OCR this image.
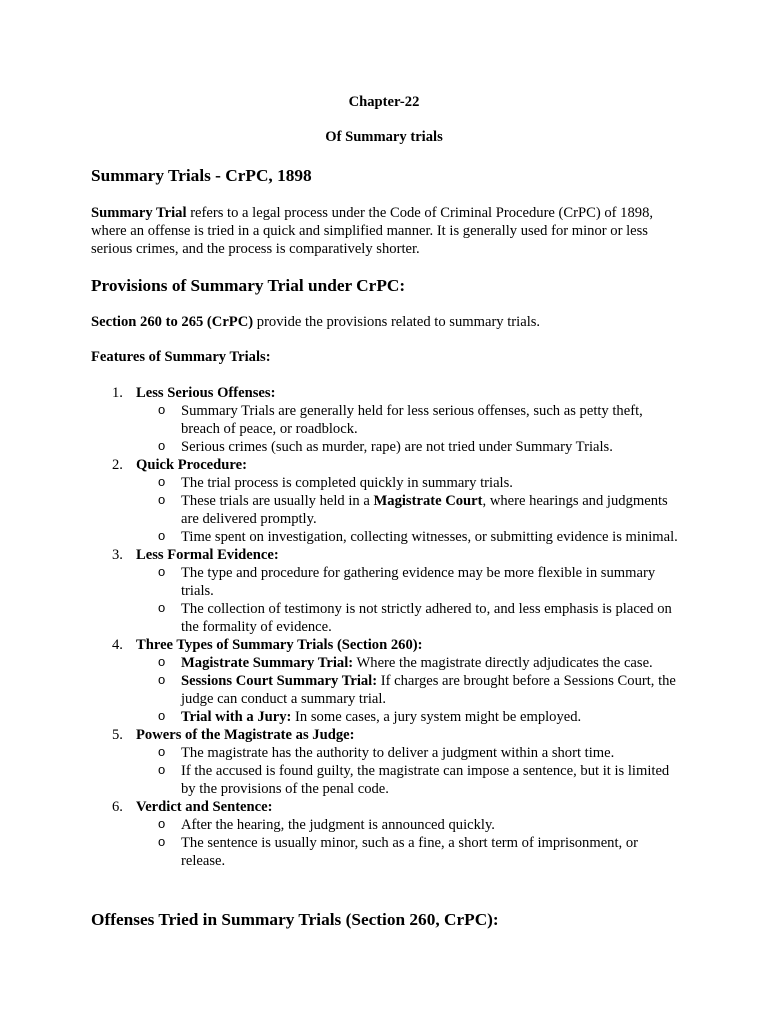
Chapter-22
Of Summary trials
Summary Trials - CrPC, 1898
Summary Trial refers to a legal process under the Code of Criminal Procedure (CrPC) of 1898, where an offense is tried in a quick and simplified manner. It is generally used for minor or less serious crimes, and the process is comparatively shorter.
Provisions of Summary Trial under CrPC:
Section 260 to 265 (CrPC) provide the provisions related to summary trials.
Features of Summary Trials:
1. Less Serious Offenses:
o Summary Trials are generally held for less serious offenses, such as petty theft, breach of peace, or roadblock.
o Serious crimes (such as murder, rape) are not tried under Summary Trials.
2. Quick Procedure:
o The trial process is completed quickly in summary trials.
o These trials are usually held in a Magistrate Court, where hearings and judgments are delivered promptly.
o Time spent on investigation, collecting witnesses, or submitting evidence is minimal.
3. Less Formal Evidence:
o The type and procedure for gathering evidence may be more flexible in summary trials.
o The collection of testimony is not strictly adhered to, and less emphasis is placed on the formality of evidence.
4. Three Types of Summary Trials (Section 260):
o Magistrate Summary Trial: Where the magistrate directly adjudicates the case.
o Sessions Court Summary Trial: If charges are brought before a Sessions Court, the judge can conduct a summary trial.
o Trial with a Jury: In some cases, a jury system might be employed.
5. Powers of the Magistrate as Judge:
o The magistrate has the authority to deliver a judgment within a short time.
o If the accused is found guilty, the magistrate can impose a sentence, but it is limited by the provisions of the penal code.
6. Verdict and Sentence:
o After the hearing, the judgment is announced quickly.
o The sentence is usually minor, such as a fine, a short term of imprisonment, or release.
Offenses Tried in Summary Trials (Section 260, CrPC):
